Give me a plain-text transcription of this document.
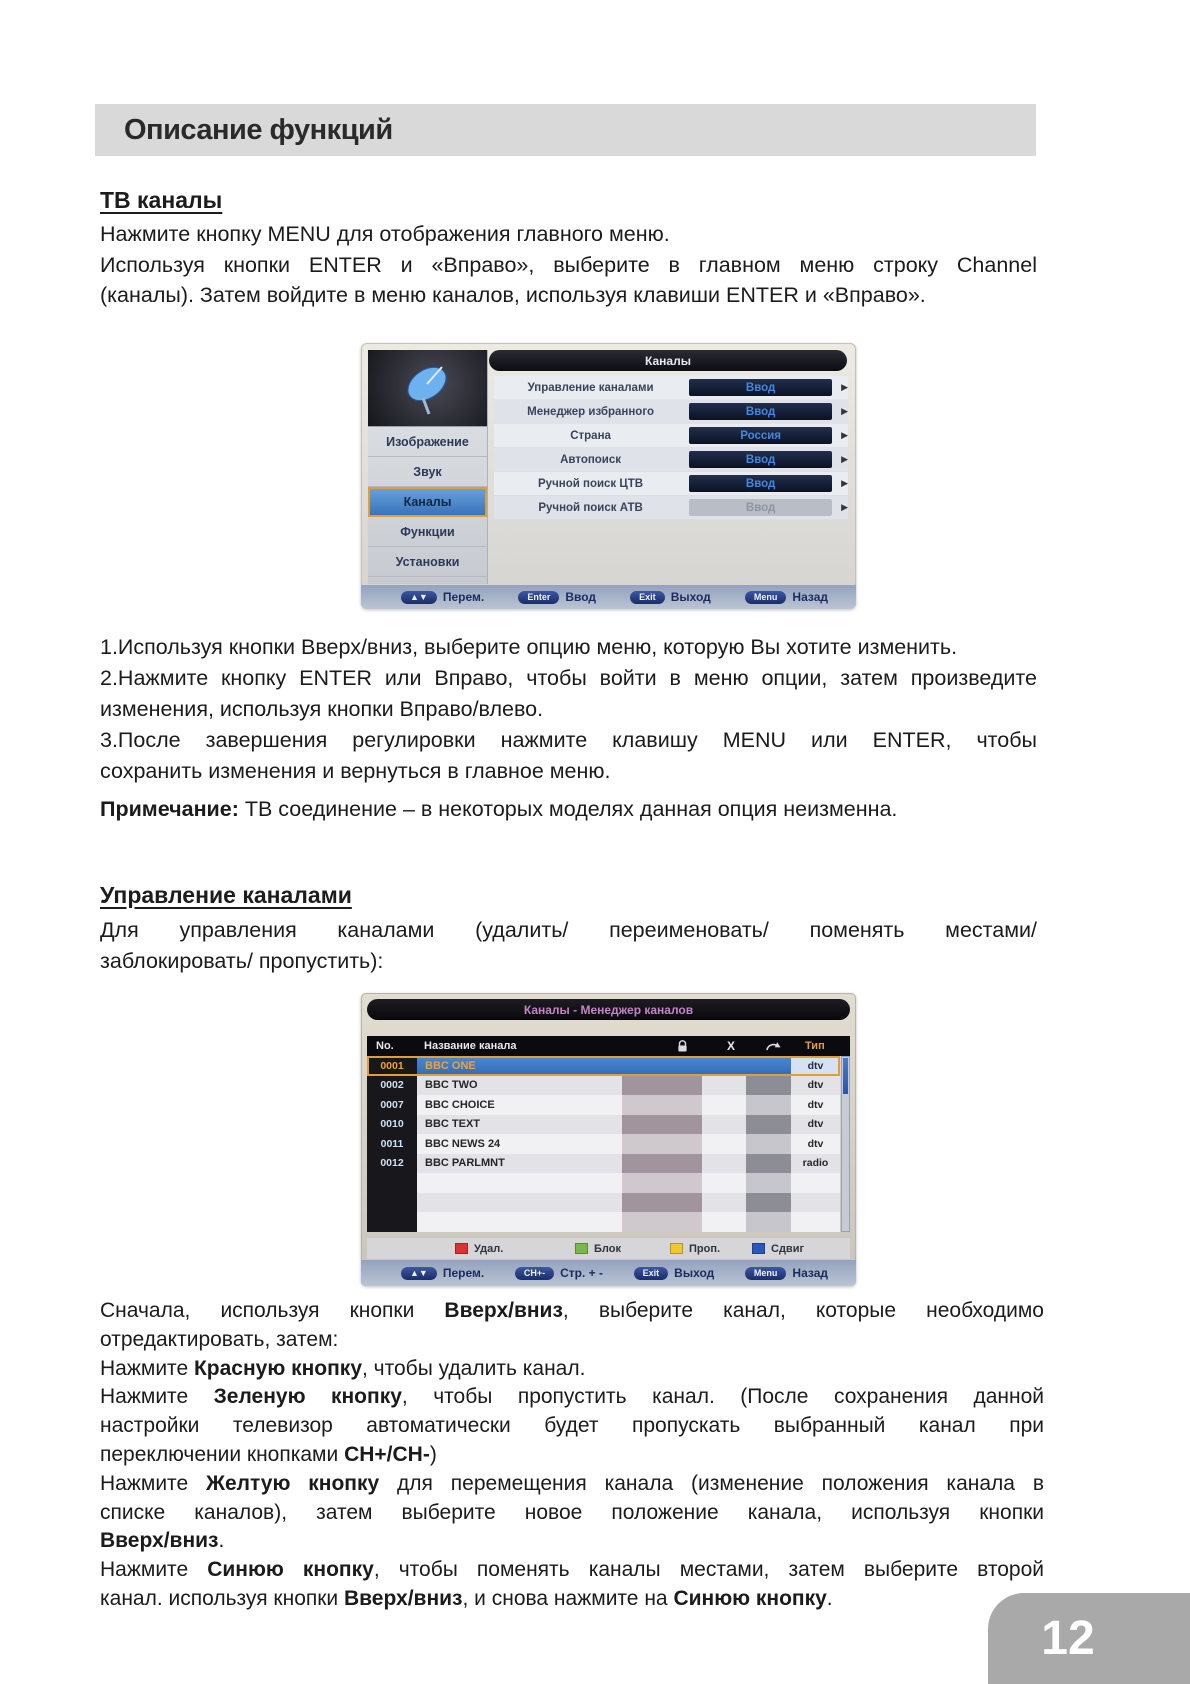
Описание функций
ТВ каналы
Нажмите кнопку MENU для отображения главного меню.
Используя кнопки ENTER и «Вправо», выберите в главном меню строку Channel
(каналы). Затем войдите в меню каналов, используя клавиши ENTER и «Вправо».
Каналы
Изображение
Звук
Каналы
Функции
Установки
Управление каналами	Ввод	▶
Менеджер избранного	Ввод	▶
Страна	Россия	▶
Автопоиск	Ввод	▶
Ручной поиск ЦТВ	Ввод	▶
Ручной поиск АТВ	Ввод	▶
▲▼	Перем.	Enter	Ввод	Exit	Выход	Menu	Назад
1.Используя кнопки Вверх/вниз, выберите опцию меню, которую Вы хотите изменить.
2.Нажмите кнопку ENTER или Вправо, чтобы войти в меню опции, затем произведите
изменения, используя кнопки Вправо/влево.
3.После завершения регулировки нажмите клавишу MENU или ENTER, чтобы
сохранить изменения и вернуться в главное меню.
Примечание: ТВ соединение – в некоторых моделях данная опция неизменна.
Управление каналами
Для управления каналами (удалить/ переименовать/ поменять местами/
заблокировать/ пропустить):
Каналы - Менеджер каналов
No.	Название канала	X	Тип
0001	BBC ONE	dtv
0002	BBC TWO	dtv
0007	BBC CHOICE	dtv
0010	BBC TEXT	dtv
0011	BBC NEWS 24	dtv
0012	BBC PARLMNT	radio
Удал.	Блок	Проп.	Сдвиг
▲▼	Перем.	CH+-	Стр. + -	Exit	Выход	Menu	Назад
Сначала, используя кнопки Вверх/вниз, выберите канал, которые необходимо
отредактировать, затем:
Нажмите Красную кнопку, чтобы удалить канал.
Нажмите Зеленую кнопку, чтобы пропустить канал. (После сохранения данной
настройки телевизор автоматически будет пропускать выбранный канал при
переключении кнопками CH+/CH-)
Нажмите Желтую кнопку для перемещения канала (изменение положения канала в
списке каналов), затем выберите новое положение канала, используя кнопки
Вверх/вниз.
Нажмите Синюю кнопку, чтобы поменять каналы местами, затем выберите второй
канал. используя кнопки Вверх/вниз, и снова нажмите на Синюю кнопку.
12
